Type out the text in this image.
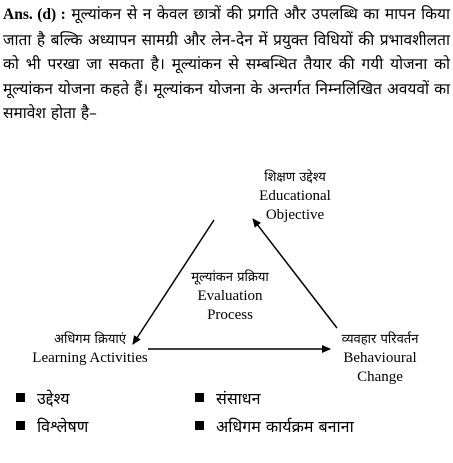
Ans. (d) : मूल्यांकन से न केवल छात्रों की प्रगति और उपलब्धि का मापन किया जाता है बल्कि अध्यापन सामग्री और लेन-देन में प्रयुक्त विधियों की प्रभावशीलता को भी परखा जा सकता है। मूल्यांकन से सम्बन्धित तैयार की गयी योजना को मूल्यांकन योजना कहते हैं। मूल्यांकन योजना के अन्तर्गत निम्नलिखित अवयवों का समावेश होता है–
शिक्षण उद्देश्य
Educational
Objective
मूल्यांकन प्रक्रिया
Evaluation
Process
अधिगम क्रियाएं
Learning Activities
व्यवहार परिवर्तन
Behavioural
Change
उद्देश्य	संसाधन
विश्लेषण	अधिगम कार्यक्रम बनाना
